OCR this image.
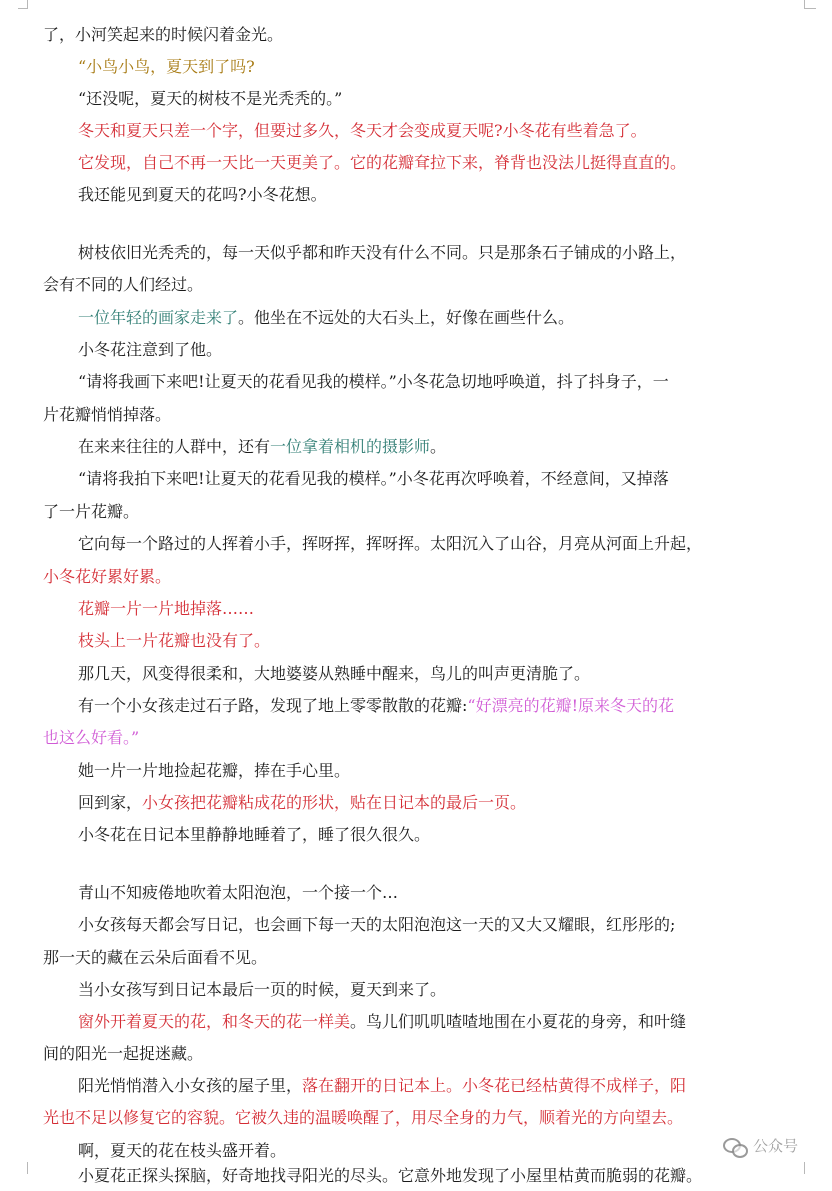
了，小河笑起来的时候闪着金光。
“小鸟小鸟，夏天到了吗?
“还没呢，夏天的树枝不是光秃秃的。”
冬天和夏天只差一个字，但要过多久，冬天才会变成夏天呢?小冬花有些着急了。
它发现，自己不再一天比一天更美了。它的花瓣耷拉下来，脊背也没法儿挺得直直的。
我还能见到夏天的花吗?小冬花想。
树枝依旧光秃秃的，每一天似乎都和昨天没有什么不同。只是那条石子铺成的小路上，
会有不同的人们经过。
一位年轻的画家走来了。他坐在不远处的大石头上，好像在画些什么。
小冬花注意到了他。
“请将我画下来吧!让夏天的花看见我的模样。”小冬花急切地呼唤道，抖了抖身子，一
片花瓣悄悄掉落。
在来来往往的人群中，还有一位拿着相机的摄影师。
“请将我拍下来吧!让夏天的花看见我的模样。”小冬花再次呼唤着，不经意间，又掉落
了一片花瓣。
它向每一个路过的人挥着小手，挥呀挥，挥呀挥。太阳沉入了山谷，月亮从河面上升起，
小冬花好累好累。
花瓣一片一片地掉落……
枝头上一片花瓣也没有了。
那几天，风变得很柔和，大地婆婆从熟睡中醒来，鸟儿的叫声更清脆了。
有一个小女孩走过石子路，发现了地上零零散散的花瓣:“好漂亮的花瓣!原来冬天的花
也这么好看。”
她一片一片地捡起花瓣，捧在手心里。
回到家，小女孩把花瓣粘成花的形状，贴在日记本的最后一页。
小冬花在日记本里静静地睡着了，睡了很久很久。
青山不知疲倦地吹着太阳泡泡，一个接一个…
小女孩每天都会写日记，也会画下每一天的太阳泡泡这一天的又大又耀眼，红彤彤的;
那一天的藏在云朵后面看不见。
当小女孩写到日记本最后一页的时候，夏天到来了。
窗外开着夏天的花，和冬天的花一样美。鸟儿们叽叽喳喳地围在小夏花的身旁，和叶缝
间的阳光一起捉迷藏。
阳光悄悄潜入小女孩的屋子里，落在翻开的日记本上。小冬花已经枯黄得不成样子，阳
光也不足以修复它的容貌。它被久违的温暖唤醒了，用尽全身的力气，顺着光的方向望去。
啊，夏天的花在枝头盛开着。
小夏花正探头探脑，好奇地找寻阳光的尽头。它意外地发现了小屋里枯黄而脆弱的花瓣。
公众号
